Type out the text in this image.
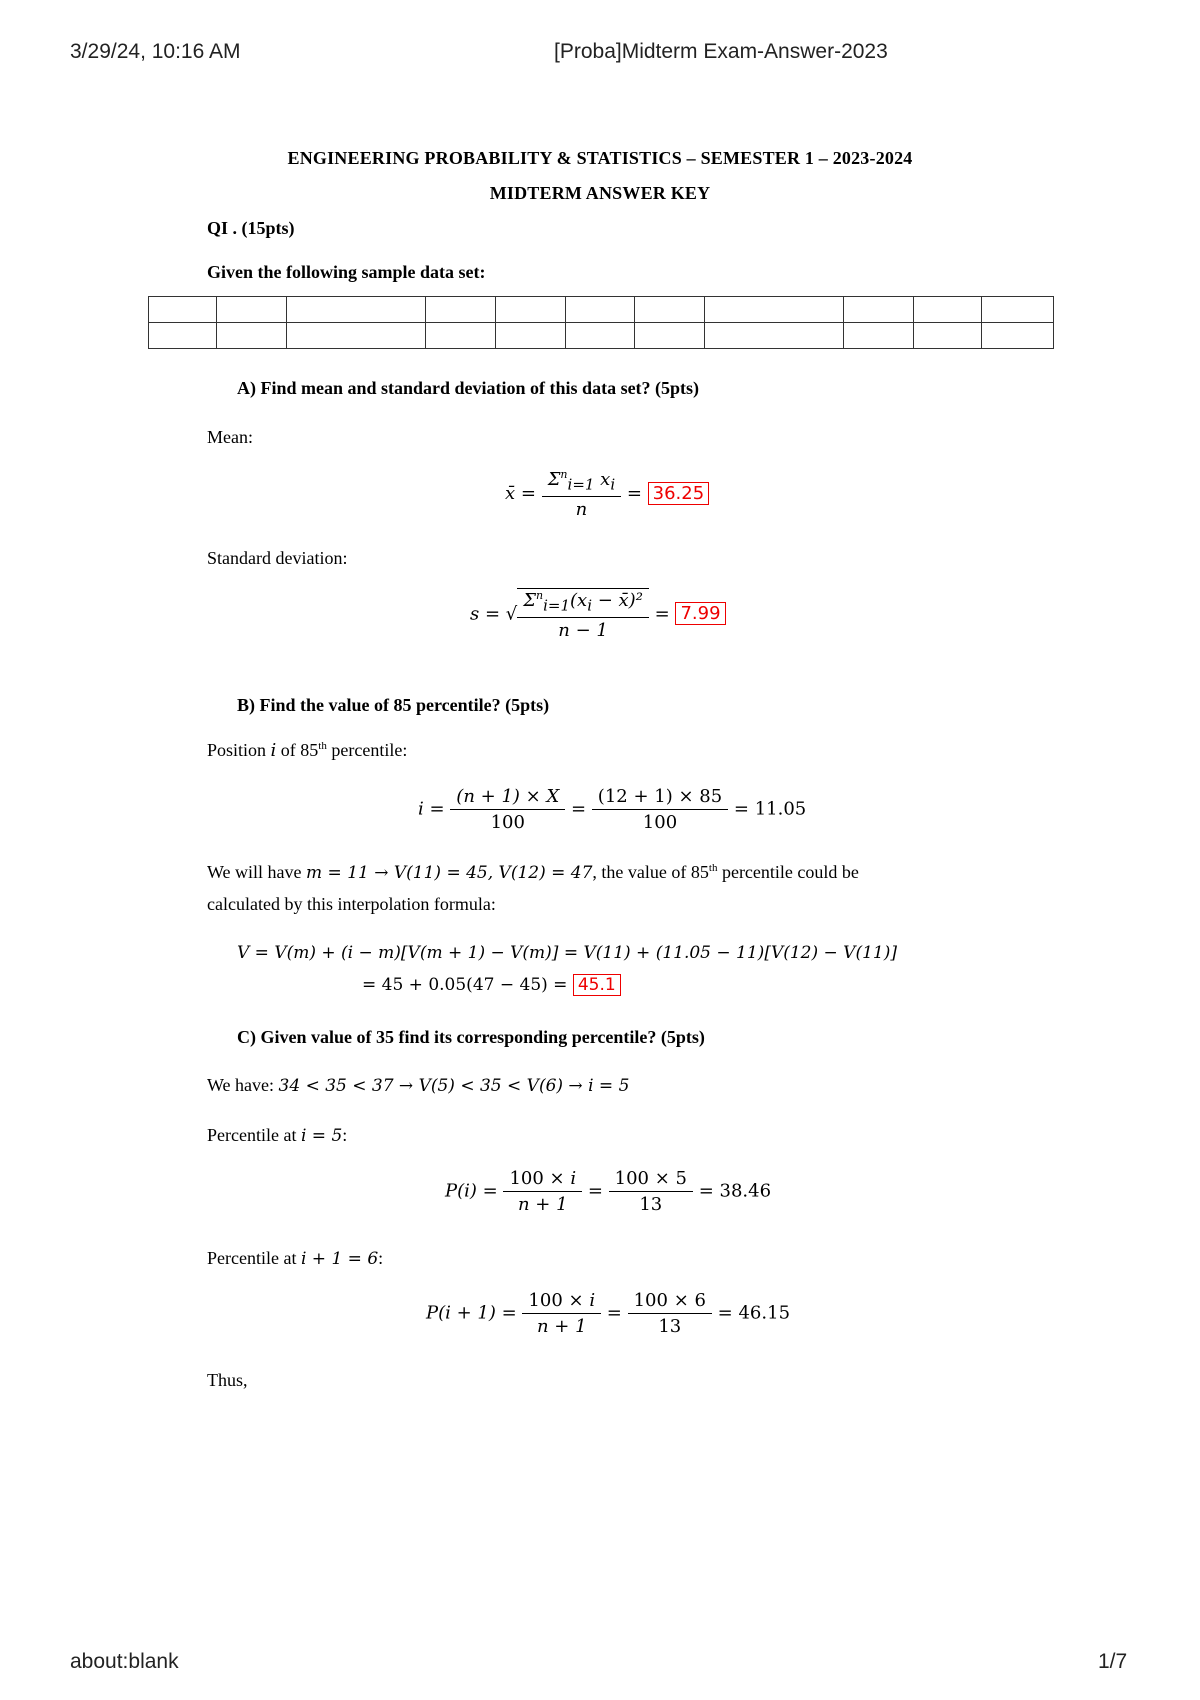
3/29/24, 10:16 AM	[Proba]Midterm Exam-Answer-2023
ENGINEERING PROBABILITY & STATISTICS – SEMESTER 1 – 2023-2024
MIDTERM ANSWER KEY
QI . (15pts)
Given the following sample data set:

A) Find mean and standard deviation of this data set? (5pts)
Mean:
x̄ = $\frac{\Sigma^n_{i=1} x_i}{n} = 36.25$
Standard deviation:
s = √ $\frac{\Sigma^n_{i=1}(x_i - x̄)^2}{n - 1} = 7.99$
B) Find the value of 85 percentile? (5pts)
Position i of 85th percentile:
$i = \frac{(n + 1) \times X}{100} = \frac{(12 + 1) \times 85}{100} = 11.05$
We will have m = 11 → V(11) = 45, V(12) = 47, the value of 85th percentile could be
calculated by this interpolation formula:
V = V(m) + (i − m)[V(m + 1) − V(m)] = V(11) + (11.05 − 11)[V(12) − V(11)]
= 45 + 0.05(47 − 45) = 45.1
C) Given value of 35 find its corresponding percentile? (5pts)
We have: 34 < 35 < 37 → V(5) < 35 < V(6) → i = 5
Percentile at i = 5:
$P(i) = \frac{100 \times i}{n + 1} = \frac{100 \times 5}{13} = 38.46$
Percentile at i + 1 = 6:
$P(i + 1) = \frac{100 \times i}{n + 1} = \frac{100 \times 6}{13} = 46.15$
Thus,
about:blank	1/7
